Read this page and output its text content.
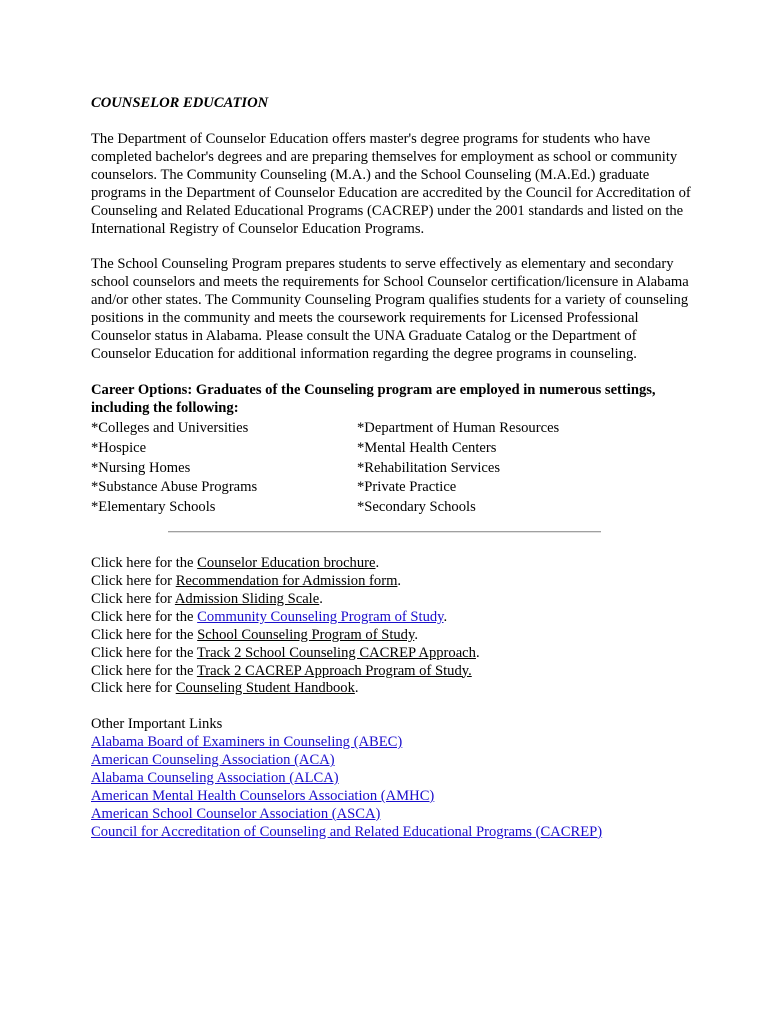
COUNSELOR EDUCATION

The Department of Counselor Education offers master's degree programs for students who have completed bachelor's degrees and are preparing themselves for employment as school or community counselors. The Community Counseling (M.A.) and the School Counseling (M.A.Ed.) graduate programs in the Department of Counselor Education are accredited by the Council for Accreditation of Counseling and Related Educational Programs (CACREP) under the 2001 standards and listed on the International Registry of Counselor Education Programs.

The School Counseling Program prepares students to serve effectively as elementary and secondary school counselors and meets the requirements for School Counselor certification/licensure in Alabama and/or other states. The Community Counseling Program qualifies students for a variety of counseling positions in the community and meets the coursework requirements for Licensed Professional Counselor status in Alabama. Please consult the UNA Graduate Catalog or the Department of Counselor Education for additional information regarding the degree programs in counseling.

Career Options: Graduates of the Counseling program are employed in numerous settings, including the following:
*Colleges and Universities	*Department of Human Resources
*Hospice	*Mental Health Centers
*Nursing Homes	*Rehabilitation Services
*Substance Abuse Programs	*Private Practice
*Elementary Schools	*Secondary Schools
Click here for the Counselor Education brochure.
Click here for Recommendation for Admission form.
Click here for Admission Sliding Scale.
Click here for the Community Counseling Program of Study.
Click here for the School Counseling Program of Study.
Click here for the Track 2 School Counseling CACREP Approach.
Click here for the Track 2 CACREP Approach Program of Study.
Click here for Counseling Student Handbook.
Other Important Links
Alabama Board of Examiners in Counseling (ABEC)
American Counseling Association (ACA)
Alabama Counseling Association (ALCA)
American Mental Health Counselors Association (AMHC)
American School Counselor Association (ASCA)
Council for Accreditation of Counseling and Related Educational Programs (CACREP)
